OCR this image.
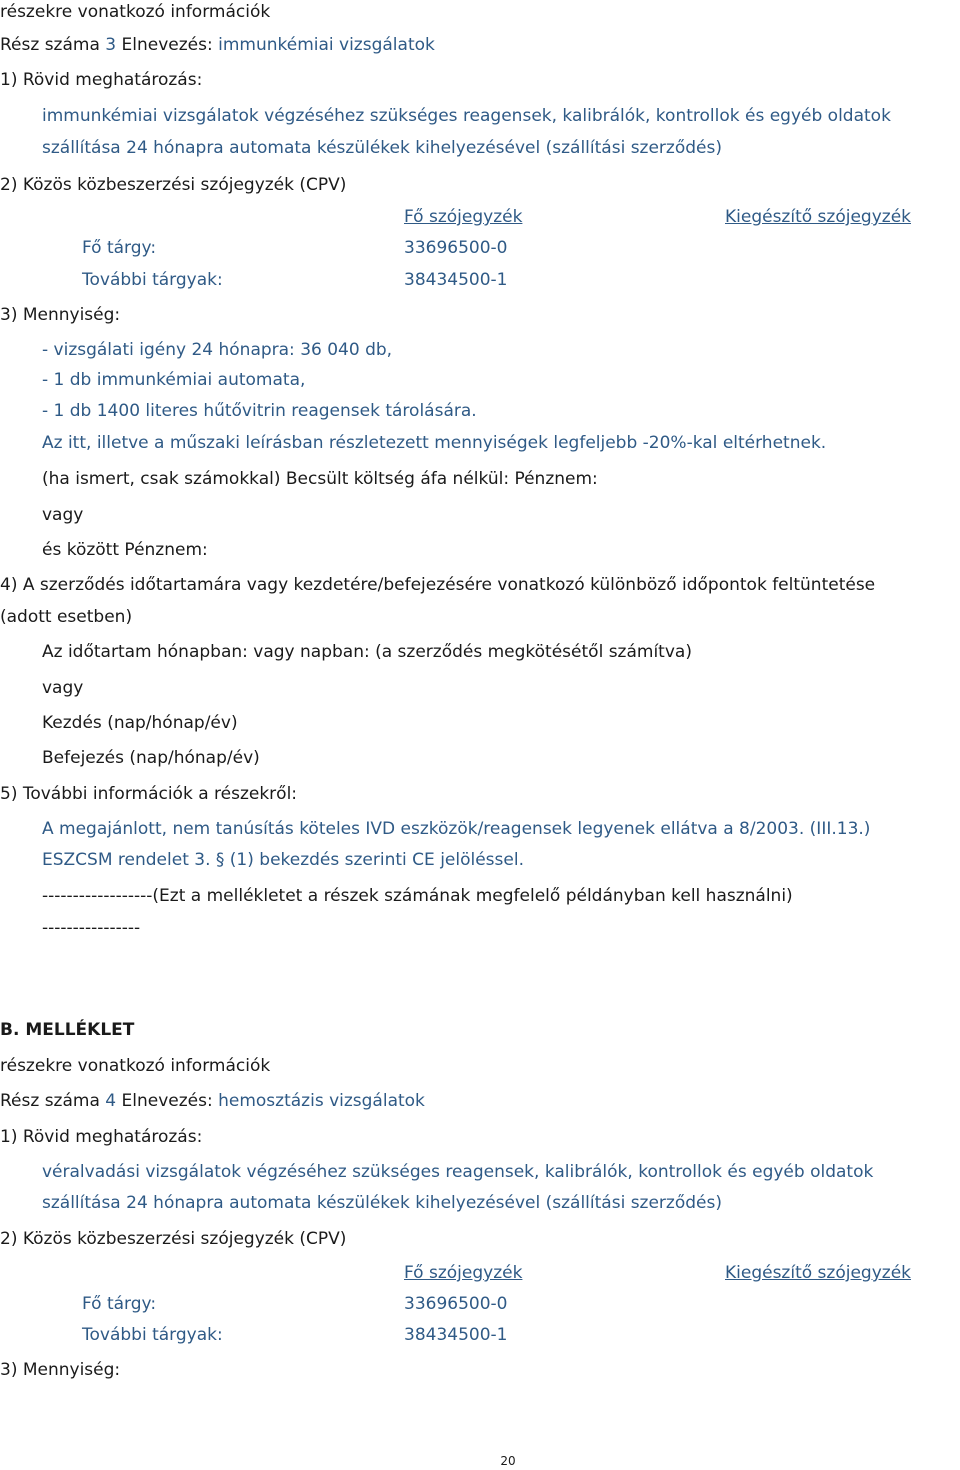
részekre vonatkozó információk
Rész száma 3 Elnevezés: immunkémiai vizsgálatok
1) Rövid meghatározás:
immunkémiai vizsgálatok végzéséhez szükséges reagensek, kalibrálók, kontrollok és egyéb oldatok
szállítása 24 hónapra automata készülékek kihelyezésével (szállítási szerződés)
2) Közös közbeszerzési szójegyzék (CPV)
Fő szójegyzék	Kiegészítő szójegyzék
Fő tárgy:	33696500-0
További tárgyak:	38434500-1
3) Mennyiség:
- vizsgálati igény 24 hónapra: 36 040 db,
- 1 db immunkémiai automata,
- 1 db 1400 literes hűtővitrin reagensek tárolására.
Az itt, illetve a műszaki leírásban részletezett mennyiségek legfeljebb -20%-kal eltérhetnek.
(ha ismert, csak számokkal) Becsült költség áfa nélkül: Pénznem:
vagy
és között Pénznem:
4) A szerződés időtartamára vagy kezdetére/befejezésére vonatkozó különböző időpontok feltüntetése
(adott esetben)
Az időtartam hónapban: vagy napban: (a szerződés megkötésétől számítva)
vagy
Kezdés (nap/hónap/év)
Befejezés (nap/hónap/év)
5) További információk a részekről:
A megajánlott, nem tanúsítás köteles IVD eszközök/reagensek legyenek ellátva a 8/2003. (III.13.)
ESZCSM rendelet 3. § (1) bekezdés szerinti CE jelöléssel.
------------------(Ezt a mellékletet a részek számának megfelelő példányban kell használni)
----------------
B. MELLÉKLET
részekre vonatkozó információk
Rész száma 4 Elnevezés: hemosztázis vizsgálatok
1) Rövid meghatározás:
véralvadási vizsgálatok végzéséhez szükséges reagensek, kalibrálók, kontrollok és egyéb oldatok
szállítása 24 hónapra automata készülékek kihelyezésével (szállítási szerződés)
2) Közös közbeszerzési szójegyzék (CPV)
Fő szójegyzék	Kiegészítő szójegyzék
Fő tárgy:	33696500-0
További tárgyak:	38434500-1
3) Mennyiség:
20
